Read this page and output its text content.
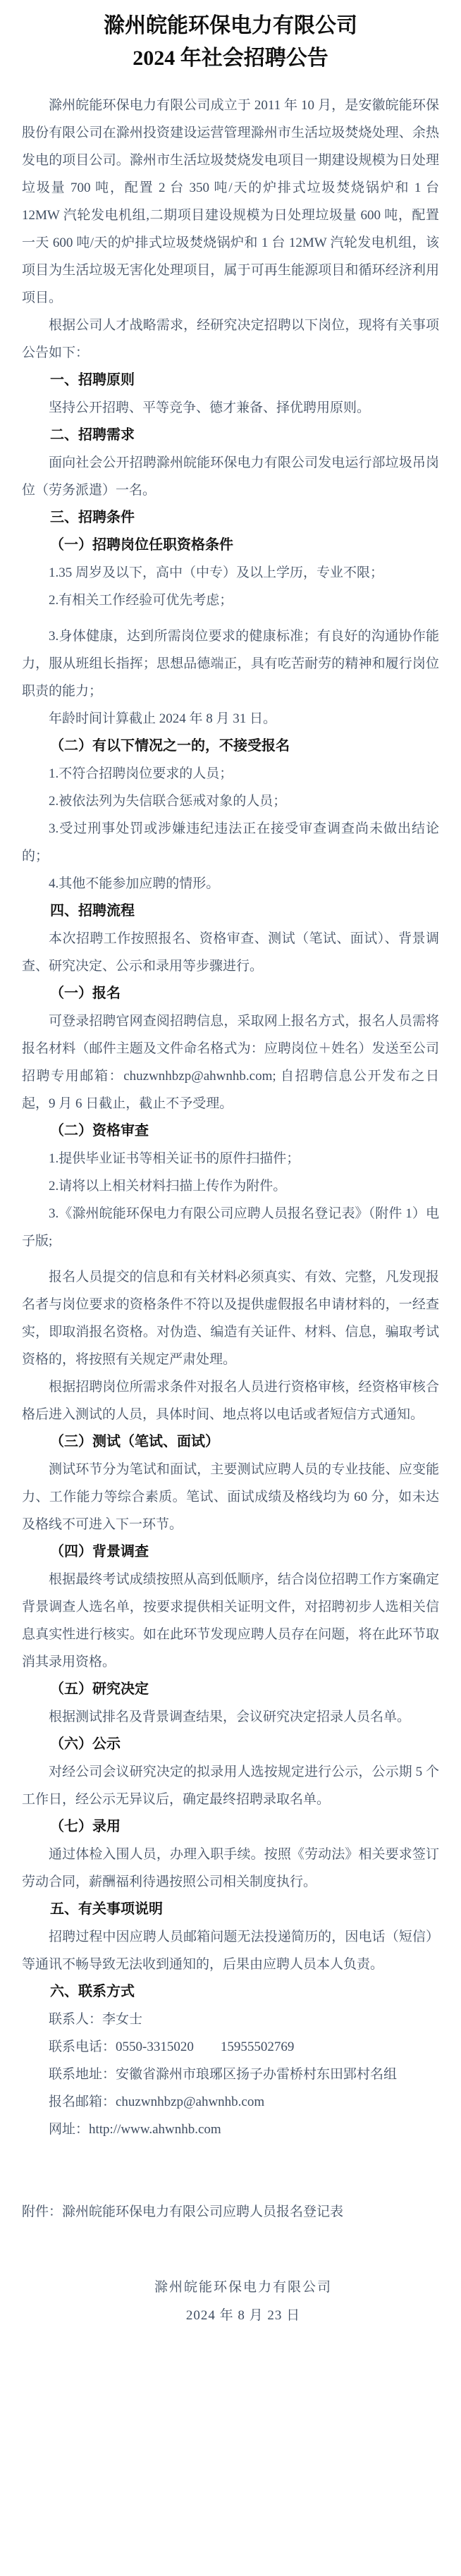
滁州皖能环保电力有限公司
2024 年社会招聘公告

滁州皖能环保电力有限公司成立于 2011 年 10 月，是安徽皖能环保股份有限公司在滁州投资建设运营管理滁州市生活垃圾焚烧处理、余热发电的项目公司。滁州市生活垃圾焚烧发电项目一期建设规模为日处理垃圾量 700 吨，配置 2 台 350 吨/天的炉排式垃圾焚烧锅炉和 1 台 12MW 汽轮发电机组,二期项目建设规模为日处理垃圾量 600 吨，配置一天 600 吨/天的炉排式垃圾焚烧锅炉和 1 台 12MW 汽轮发电机组，该项目为生活垃圾无害化处理项目，属于可再生能源项目和循环经济利用项目。

根据公司人才战略需求，经研究决定招聘以下岗位，现将有关事项公告如下：

一、招聘原则

坚持公开招聘、平等竞争、德才兼备、择优聘用原则。

二、招聘需求

面向社会公开招聘滁州皖能环保电力有限公司发电运行部垃圾吊岗位（劳务派遣）一名。

三、招聘条件

（一）招聘岗位任职资格条件

1.35 周岁及以下，高中（中专）及以上学历，专业不限；

2.有相关工作经验可优先考虑；

3.身体健康，达到所需岗位要求的健康标准；有良好的沟通协作能力，服从班组长指挥；思想品德端正，具有吃苦耐劳的精神和履行岗位职责的能力；

年龄时间计算截止 2024 年 8 月 31 日。

（二）有以下情况之一的，不接受报名

1.不符合招聘岗位要求的人员；

2.被依法列为失信联合惩戒对象的人员；

3.受过刑事处罚或涉嫌违纪违法正在接受审查调查尚未做出结论的；

4.其他不能参加应聘的情形。

四、招聘流程

本次招聘工作按照报名、资格审查、测试（笔试、面试）、背景调查、研究决定、公示和录用等步骤进行。

（一）报名

可登录招聘官网查阅招聘信息，采取网上报名方式，报名人员需将报名材料（邮件主题及文件命名格式为：应聘岗位＋姓名）发送至公司招聘专用邮箱：chuzwnhbzp@ahwnhb.com; 自招聘信息公开发布之日起，9 月 6 日截止，截止不予受理。

（二）资格审查

1.提供毕业证书等相关证书的原件扫描件；

2.请将以上相关材料扫描上传作为附件。

3.《滁州皖能环保电力有限公司应聘人员报名登记表》（附件 1）电子版;

报名人员提交的信息和有关材料必须真实、有效、完整，凡发现报名者与岗位要求的资格条件不符以及提供虚假报名申请材料的，一经查实，即取消报名资格。对伪造、编造有关证件、材料、信息，骗取考试资格的，将按照有关规定严肃处理。

根据招聘岗位所需求条件对报名人员进行资格审核，经资格审核合格后进入测试的人员，具体时间、地点将以电话或者短信方式通知。

（三）测试（笔试、面试）

测试环节分为笔试和面试，主要测试应聘人员的专业技能、应变能力、工作能力等综合素质。笔试、面试成绩及格线均为 60 分，如未达及格线不可进入下一环节。

（四）背景调查

根据最终考试成绩按照从高到低顺序，结合岗位招聘工作方案确定背景调查人选名单，按要求提供相关证明文件，对招聘初步人选相关信息真实性进行核实。如在此环节发现应聘人员存在问题，将在此环节取消其录用资格。

（五）研究决定

根据测试排名及背景调查结果，会议研究决定招录人员名单。

（六）公示

对经公司会议研究决定的拟录用人选按规定进行公示，公示期 5 个工作日，经公示无异议后，确定最终招聘录取名单。

（七）录用

通过体检入围人员，办理入职手续。按照《劳动法》相关要求签订劳动合同，薪酬福利待遇按照公司相关制度执行。

五、有关事项说明

招聘过程中因应聘人员邮箱问题无法投递简历的，因电话（短信）等通讯不畅导致无法收到通知的，后果由应聘人员本人负责。

六、联系方式

联系人：李女士

联系电话：0550-3315020　　15955502769

联系地址：安徽省滁州市琅琊区扬子办雷桥村东田郢村名组

报名邮箱：chuzwnhbzp@ahwnhb.com

网址：http://www.ahwnhb.com

附件：滁州皖能环保电力有限公司应聘人员报名登记表

滁州皖能环保电力有限公司

2024 年 8 月 23 日
